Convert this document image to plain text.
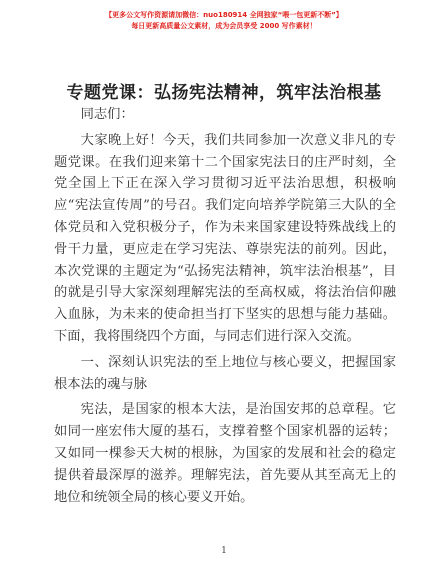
【更多公文写作资源请加微信：nuo180914 全网独家“喂一包更新不断”】
每日更新高质量公文素材，成为会员享受 2000 写作素材！
专题党课：弘扬宪法精神，筑牢法治根基

同志们：

大家晚上好！今天，我们共同参加一次意义非凡的专题党课。在我们迎来第十二个国家宪法日的庄严时刻，全党全国上下正在深入学习贯彻习近平法治思想，积极响应“宪法宣传周”的号召。我们定向培养学院第三大队的全体党员和入党积极分子，作为未来国家建设特殊战线上的骨干力量，更应走在学习宪法、尊崇宪法的前列。因此，本次党课的主题定为“弘扬宪法精神，筑牢法治根基”，目的就是引导大家深刻理解宪法的至高权威，将法治信仰融入血脉，为未来的使命担当打下坚实的思想与能力基础。下面，我将围绕四个方面，与同志们进行深入交流。

一、深刻认识宪法的至上地位与核心要义，把握国家根本法的魂与脉

宪法，是国家的根本大法，是治国安邦的总章程。它如同一座宏伟大厦的基石，支撑着整个国家机器的运转；又如同一棵参天大树的根脉，为国家的发展和社会的稳定提供着最深厚的滋养。理解宪法，首先要从其至高无上的地位和统领全局的核心要义开始。

1
